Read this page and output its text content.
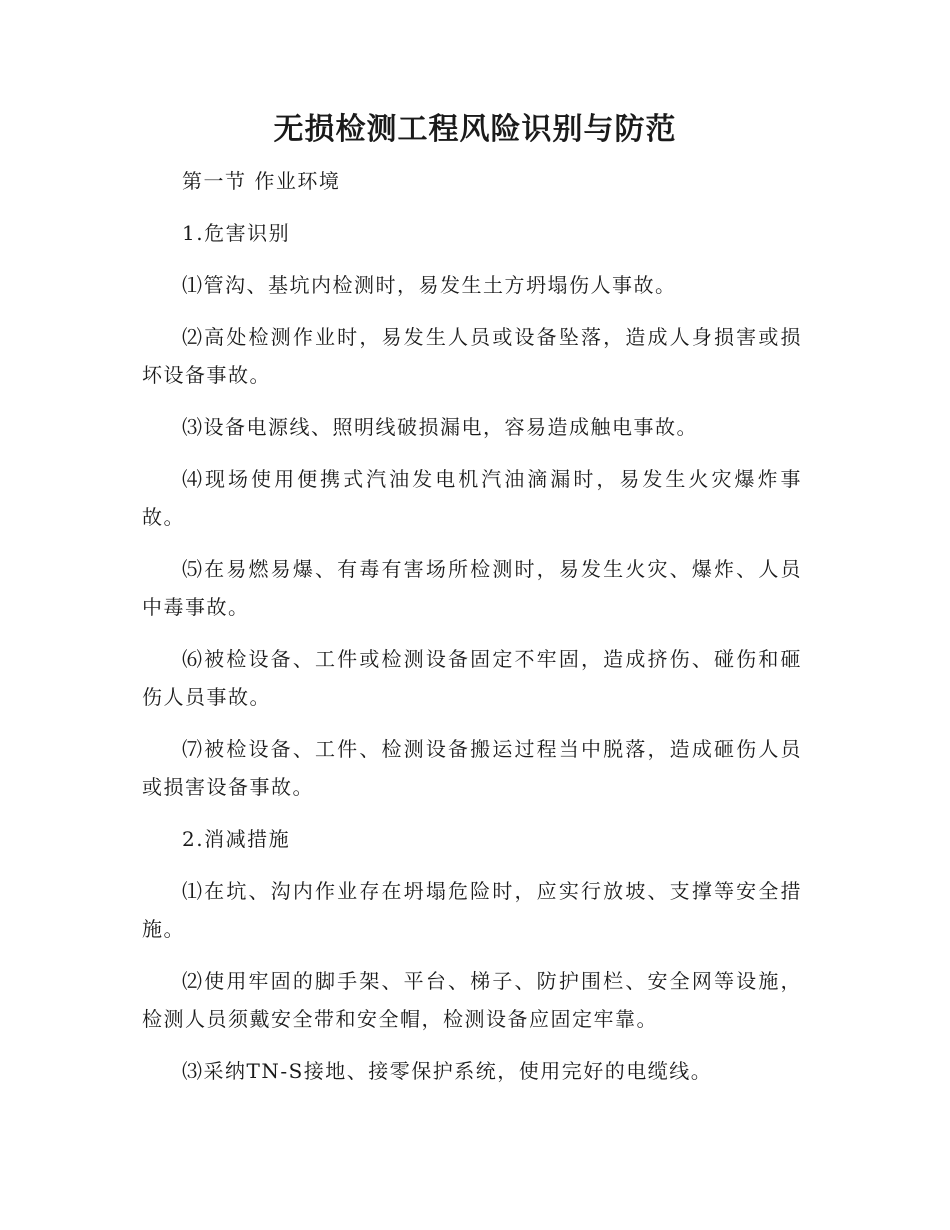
无损检测工程风险识别与防范

第一节 作业环境

1.危害识别

⑴管沟、基坑内检测时，易发生土方坍塌伤人事故。

⑵高处检测作业时，易发生人员或设备坠落，造成人身损害或损坏设备事故。

⑶设备电源线、照明线破损漏电，容易造成触电事故。

⑷现场使用便携式汽油发电机汽油滴漏时，易发生火灾爆炸事故。

⑸在易燃易爆、有毒有害场所检测时，易发生火灾、爆炸、人员中毒事故。

⑹被检设备、工件或检测设备固定不牢固，造成挤伤、碰伤和砸伤人员事故。

⑺被检设备、工件、检测设备搬运过程当中脱落，造成砸伤人员或损害设备事故。

2.消减措施

⑴在坑、沟内作业存在坍塌危险时，应实行放坡、支撑等安全措施。

⑵使用牢固的脚手架、平台、梯子、防护围栏、安全网等设施，检测人员须戴安全带和安全帽，检测设备应固定牢靠。

⑶采纳TN-S接地、接零保护系统，使用完好的电缆线。
